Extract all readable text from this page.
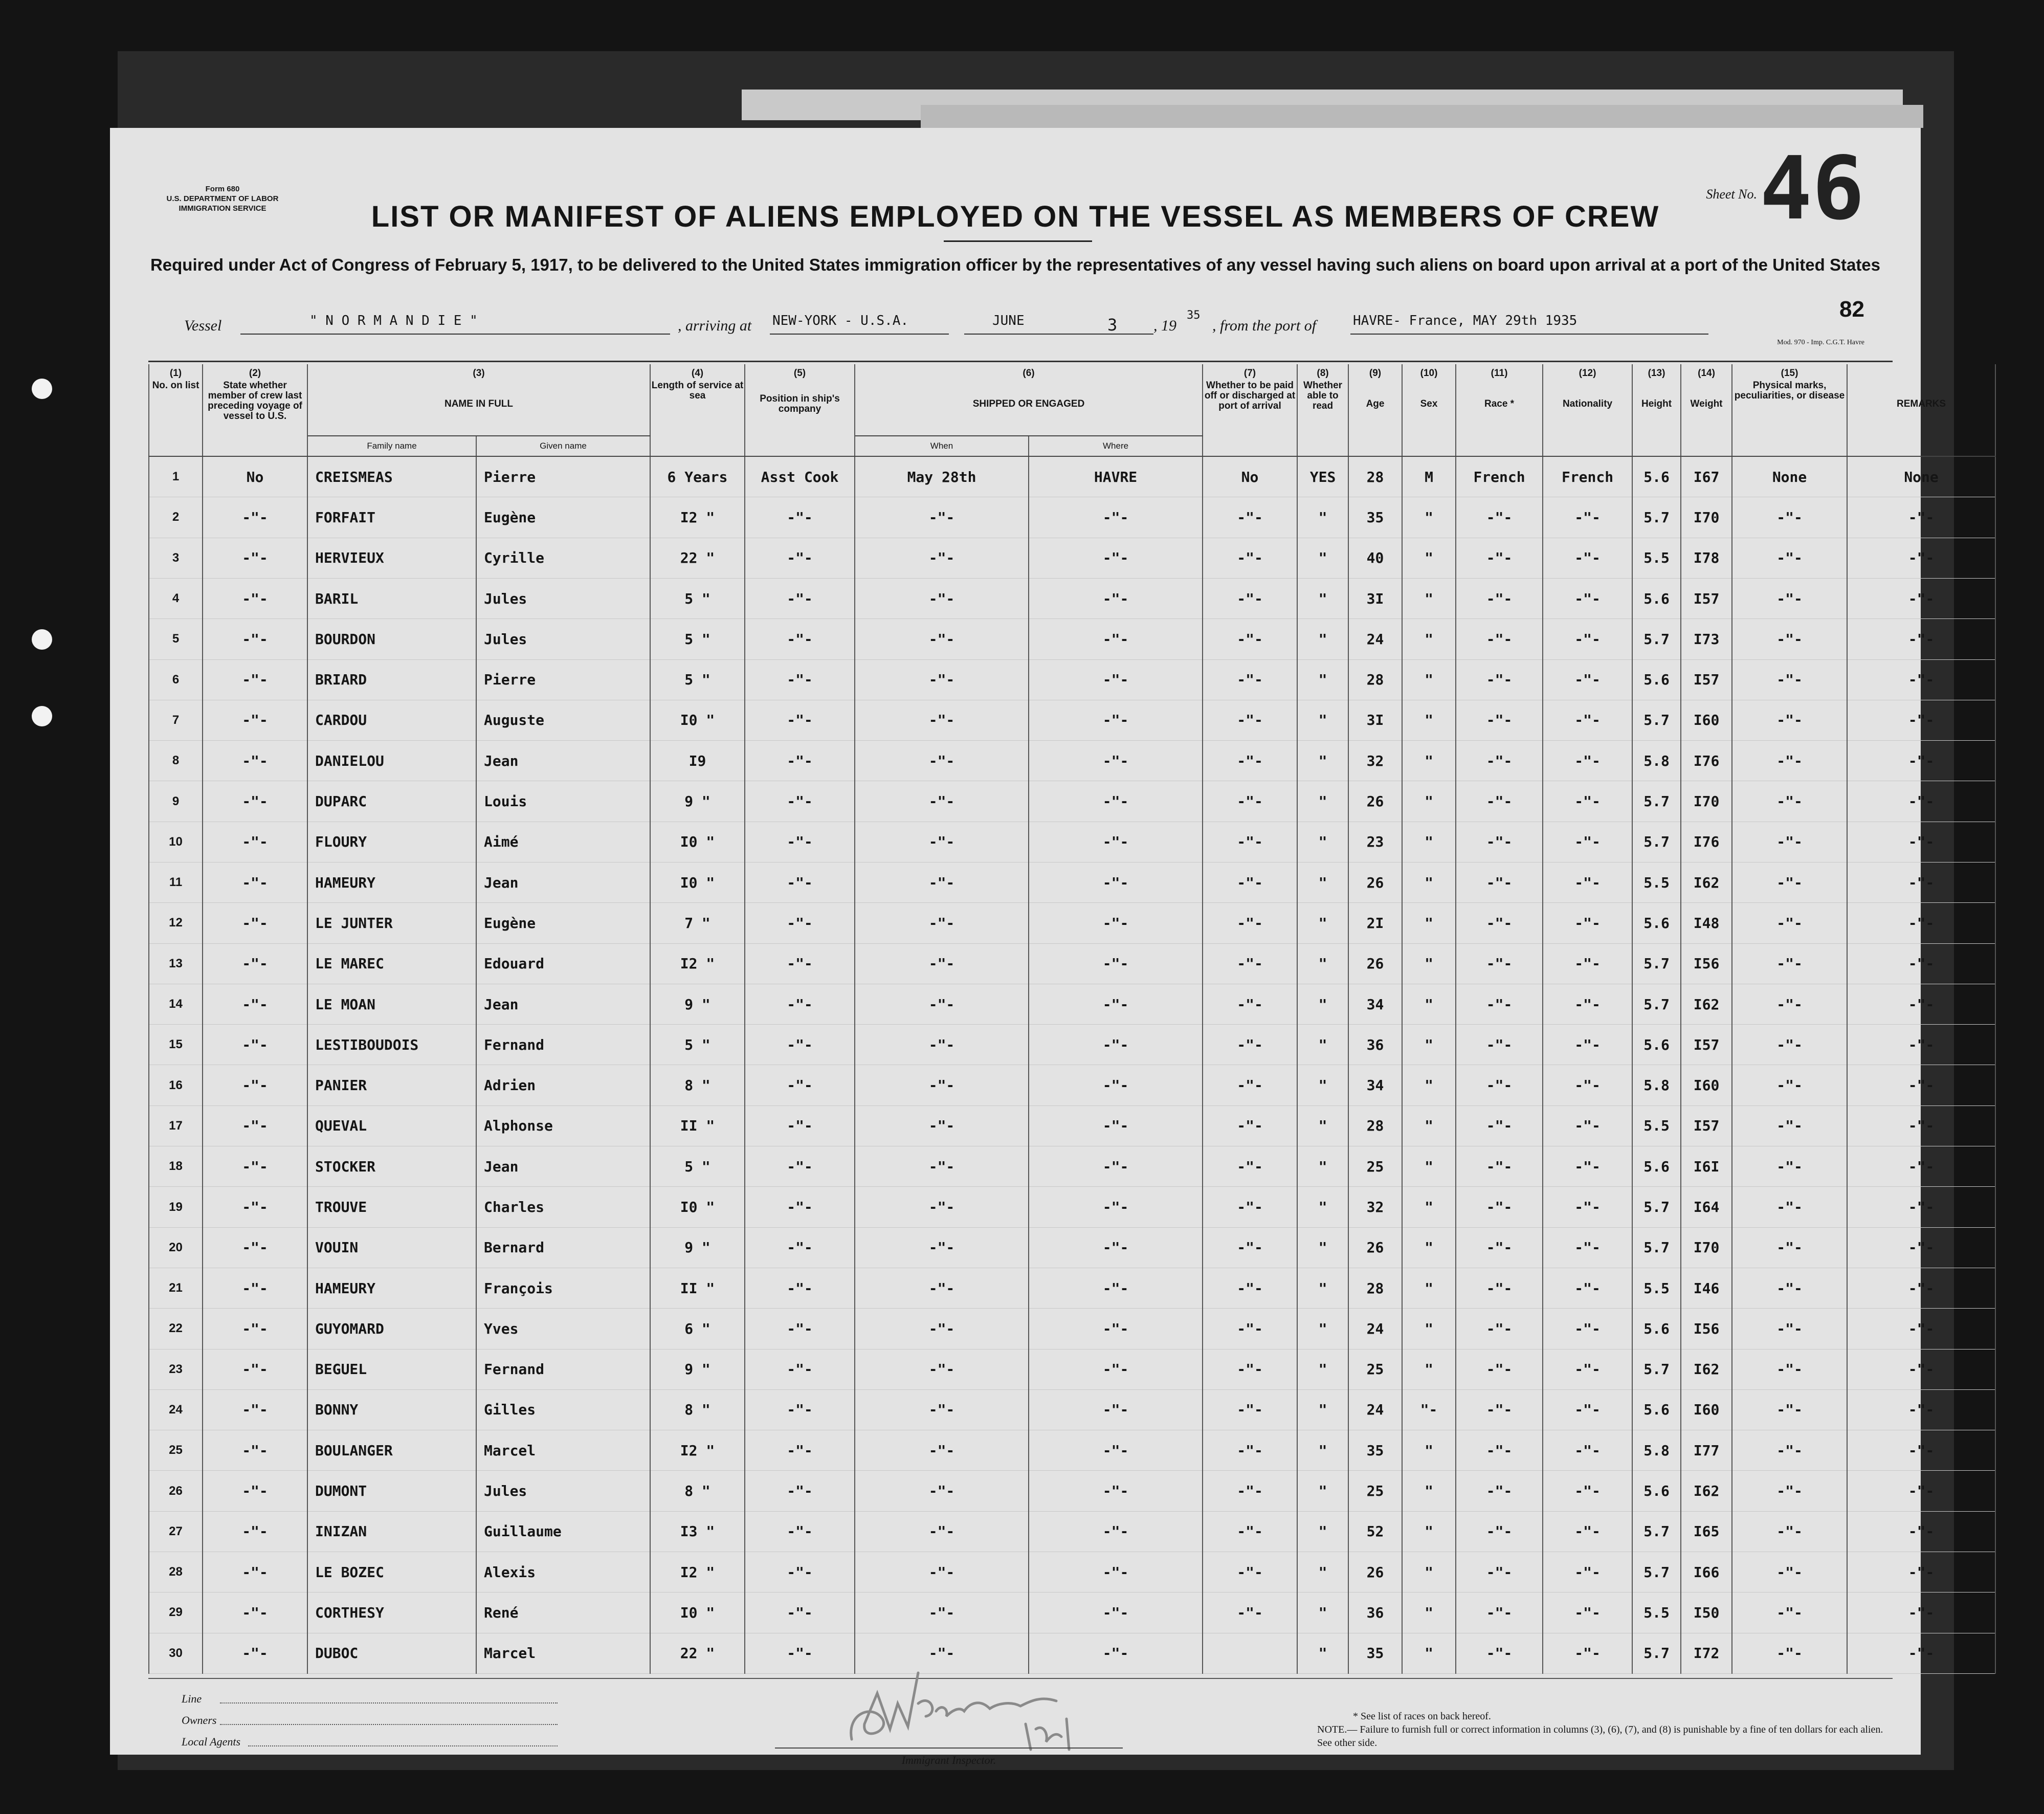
Form 680
U.S. DEPARTMENT OF LABOR
IMMIGRATION SERVICE
Sheet No. 46
LIST OR MANIFEST OF ALIENS EMPLOYED ON THE VESSEL AS MEMBERS OF CREW
Required under Act of Congress of February 5, 1917, to be delivered to the United States immigration officer by the representatives of any vessel having such aliens on board upon arrival at a port of the United States
Vessel	" N O R M A N D I E "	, arriving at NEW-YORK - U.S.A.	JUNE	3 , 19
35
, from the port of	HAVRE- France, MAY 29th 1935	82
Mod. 970 - Imp. C.G.T. Havre
(1)
No. on list	(2)
State whether member of crew last preceding voyage of vessel to U.S.	(3)
NAME IN FULL		(4)
Length of service at sea	(5)
Position in ship's company	(6)
SHIPPED OR ENGAGED		(7)
Whether to be paid off or discharged at port of arrival	(8)
Whether able to read	(9)
Age	(10)
Sex	(11)
Race *	(12)
Nationality	(13)
Height	(14)
Weight	(15)
Physical marks, peculiarities, or disease	REMARKS

		Family name	Given name			When	Where										
1	No	CREISMEAS	Pierre	6 Years	Asst Cook	May 28th	HAVRE	No	YES	28	M	French	French	5.6	I67	None	None
2	-"-	FORFAIT	Eugène	I2 "	-"-	-"-	-"-	-"-	"	35	"	-"-	-"-	5.7	I70	-"-	-"-
3	-"-	HERVIEUX	Cyrille	22 "	-"-	-"-	-"-	-"-	"	40	"	-"-	-"-	5.5	I78	-"-	-"-
4	-"-	BARIL	Jules	5 "	-"-	-"-	-"-	-"-	"	3I	"	-"-	-"-	5.6	I57	-"-	-"-
5	-"-	BOURDON	Jules	5 "	-"-	-"-	-"-	-"-	"	24	"	-"-	-"-	5.7	I73	-"-	-"-
6	-"-	BRIARD	Pierre	5 "	-"-	-"-	-"-	-"-	"	28	"	-"-	-"-	5.6	I57	-"-	-"-
7	-"-	CARDOU	Auguste	I0 "	-"-	-"-	-"-	-"-	"	3I	"	-"-	-"-	5.7	I60	-"-	-"-
8	-"-	DANIELOU	Jean	I9	-"-	-"-	-"-	-"-	"	32	"	-"-	-"-	5.8	I76	-"-	-"-
9	-"-	DUPARC	Louis	9 "	-"-	-"-	-"-	-"-	"	26	"	-"-	-"-	5.7	I70	-"-	-"-
10	-"-	FLOURY	Aimé	I0 "	-"-	-"-	-"-	-"-	"	23	"	-"-	-"-	5.7	I76	-"-	-"-
11	-"-	HAMEURY	Jean	I0 "	-"-	-"-	-"-	-"-	"	26	"	-"-	-"-	5.5	I62	-"-	-"-
12	-"-	LE JUNTER	Eugène	7 "	-"-	-"-	-"-	-"-	"	2I	"	-"-	-"-	5.6	I48	-"-	-"-
13	-"-	LE MAREC	Edouard	I2 "	-"-	-"-	-"-	-"-	"	26	"	-"-	-"-	5.7	I56	-"-	-"-
14	-"-	LE MOAN	Jean	9 "	-"-	-"-	-"-	-"-	"	34	"	-"-	-"-	5.7	I62	-"-	-"-
15	-"-	LESTIBOUDOIS	Fernand	5 "	-"-	-"-	-"-	-"-	"	36	"	-"-	-"-	5.6	I57	-"-	-"-
16	-"-	PANIER	Adrien	8 "	-"-	-"-	-"-	-"-	"	34	"	-"-	-"-	5.8	I60	-"-	-"-
17	-"-	QUEVAL	Alphonse	II "	-"-	-"-	-"-	-"-	"	28	"	-"-	-"-	5.5	I57	-"-	-"-
18	-"-	STOCKER	Jean	5 "	-"-	-"-	-"-	-"-	"	25	"	-"-	-"-	5.6	I6I	-"-	-"-
19	-"-	TROUVE	Charles	I0 "	-"-	-"-	-"-	-"-	"	32	"	-"-	-"-	5.7	I64	-"-	-"-
20	-"-	VOUIN	Bernard	9 "	-"-	-"-	-"-	-"-	"	26	"	-"-	-"-	5.7	I70	-"-	-"-
21	-"-	HAMEURY	François	II "	-"-	-"-	-"-	-"-	"	28	"	-"-	-"-	5.5	I46	-"-	-"-
22	-"-	GUYOMARD	Yves	6 "	-"-	-"-	-"-	-"-	"	24	"	-"-	-"-	5.6	I56	-"-	-"-
23	-"-	BEGUEL	Fernand	9 "	-"-	-"-	-"-	-"-	"	25	"	-"-	-"-	5.7	I62	-"-	-"-
24	-"-	BONNY	Gilles	8 "	-"-	-"-	-"-	-"-	"	24	"-	-"-	-"-	5.6	I60	-"-	-"-
25	-"-	BOULANGER	Marcel	I2 "	-"-	-"-	-"-	-"-	"	35	"	-"-	-"-	5.8	I77	-"-	-"-
26	-"-	DUMONT	Jules	8 "	-"-	-"-	-"-	-"-	"	25	"	-"-	-"-	5.6	I62	-"-	-"-
27	-"-	INIZAN	Guillaume	I3 "	-"-	-"-	-"-	-"-	"	52	"	-"-	-"-	5.7	I65	-"-	-"-
28	-"-	LE BOZEC	Alexis	I2 "	-"-	-"-	-"-	-"-	"	26	"	-"-	-"-	5.7	I66	-"-	-"-
29	-"-	CORTHESY	René	I0 "	-"-	-"-	-"-	-"-	"	36	"	-"-	-"-	5.5	I50	-"-	-"-
30	-"-	DUBOC	Marcel	22 "	-"-	-"-	-"-		"	35	"	-"-	-"-	5.7	I72	-"-	-"-
Line
Owners
Local Agents
Immigrant Inspector.
* See list of races on back hereof.
NOTE.— Failure to furnish full or correct information in columns (3), (6), (7), and (8) is punishable by a fine of ten dollars for each alien. See other side.
